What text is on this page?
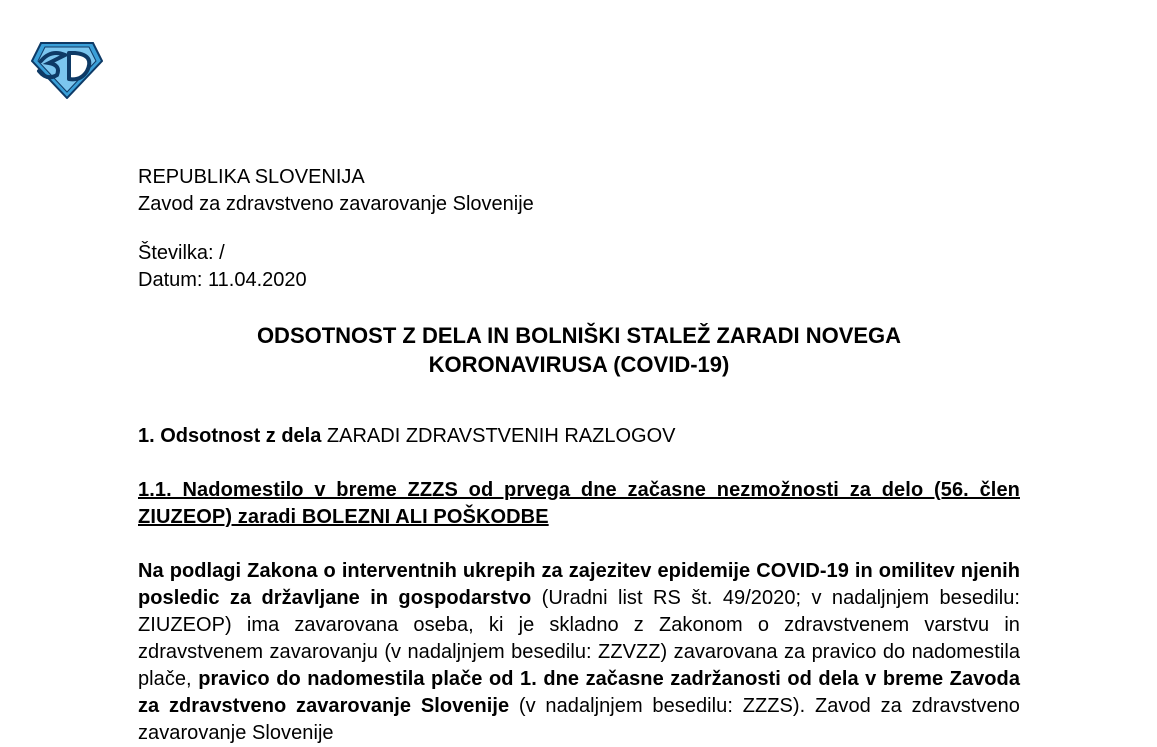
SD
REPUBLIKA SLOVENIJA
Zavod za zdravstveno zavarovanje Slovenije
Številka: /
Datum: 11.04.2020
ODSOTNOST Z DELA IN BOLNIŠKI STALEŽ ZARADI NOVEGA
KORONAVIRUSA (COVID-19)
1. Odsotnost z dela ZARADI ZDRAVSTVENIH RAZLOGOV
1.1. Nadomestilo v breme ZZZS od prvega dne začasne nezmožnosti za delo (56. člen ZIUZEOP) zaradi BOLEZNI ALI POŠKODBE
Na podlagi Zakona o interventnih ukrepih za zajezitev epidemije COVID-19 in omilitev njenih posledic za državljane in gospodarstvo (Uradni list RS št. 49/2020; v nadaljnjem besedilu: ZIUZEOP) ima zavarovana oseba, ki je skladno z Zakonom o zdravstvenem varstvu in zdravstvenem zavarovanju (v nadaljnjem besedilu: ZZVZZ) zavarovana za pravico do nadomestila plače, pravico do nadomestila plače od 1. dne začasne zadržanosti od dela v breme Zavoda za zdravstveno zavarovanje Slovenije (v nadaljnjem besedilu: ZZZS). Zavod za zdravstveno zavarovanje Slovenije
